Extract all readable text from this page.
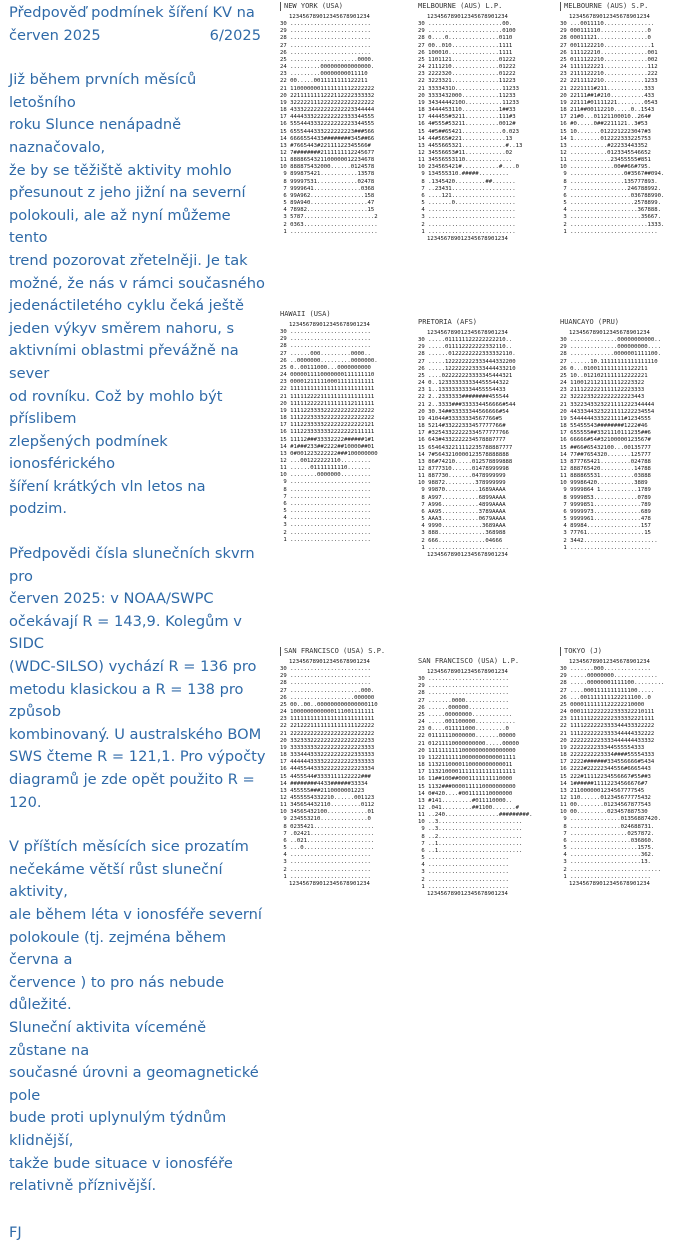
Předpověď podmínek šíření KV na

červen 2025	6/2025

Již během prvních měsíců letošního

roku Slunce nenápadně naznačovalo,

že by se těžiště aktivity mohlo

přesunout z jeho jižní na severní

polokouli, ale až nyní můžeme tento

trend pozorovat zřetelněji. Je tak

možné, že nás v rámci současného

jedenáctiletého cyklu čeká ještě

jeden výkyv směrem nahoru, s

aktivními oblastmi převážně na sever

od rovníku. Což by mohlo být příslibem

zlepšených podmínek ionosférického

šíření krátkých vln letos na podzim.

Předpovědi čísla slunečních skvrn pro

červen 2025: v NOAA/SWPC

očekávají R = 143,9. Kolegům v SIDC

(WDC-SILSO) vychází R = 136 pro

metodu klasickou a R = 138 pro způsob

kombinovaný. U australského BOM

SWS čteme R = 121,1. Pro výpočty

diagramů je zde opět použito R = 120.

V příštích měsících sice prozatím

nečekáme větší růst sluneční aktivity,

ale během léta v ionosféře severní

polokoule (tj. zejména během června a

července ) to pro nás nebude důležité.

Sluneční aktivita víceméně zůstane na

současné úrovni a geomagnetické pole

bude proti uplynulým týdnům klidnější,

takže bude situace v ionosféře

relativně příznivější.

FJ

NEW YORK (USA)
123456789012345678901234
30 ........................
29 ........................
28 ........................
27 ........................
26 ........................
25 ....................0000.
24 .........000000000000000.
23 .........00000000011110
22 00.....0011111111122211
21 1100000001111111112222222
20 2211111111222112222333332
19 3222221112222222222222222
18 4333222222222222223344444
17 4444333222222222333344555
16 5554443332222222223344555
15 6555444333222222223###566
14 6666554433########345##66
13 #7665443#22111122345566#
12 7########2111111112245677
11 8888654321100000012234678
10 888875432000......0124578
9 899875421...........13578
8 99997531............02478
7 9999641..............0368
6 99A962................158
5 89A940.................47
4 78982..................15
3 5787.....................2
2 0363......................
1 ..........................
MELBOURNE (AUS) L.P.
123456789012345678901234
30 ......................00.
29 ......................0100
28 0....0...............0110
27 00..010..............1111
26 100010...............1111
25 1101121..............01222
24 2111210..............01222
23 2222320..............01222
22 3223321..............11223
21 3333431O..............11233
20 3333432000...........11233
19 3434444210O...........11233
18 3444453110...........1##33
17 444455#3211..........111#3
16 4#555#53211..........0012#
15 4#5##65421............0.023
14 44#565#221.............13
13 4455665321.............#..13
12 34556653#11............02
11 34556553110..............
10 234565421#...........#....0
9 134555310.#####.........
8 .1345420.........##.......
7 ..23431...................
6 ....121...................
5 .......0..................
4 ..........................
3 ..........................
2 ..........................
1 ..........................
123456789012345678901234
MELBOURNE (AUS) S.P.
123456789012345678901234
30 ...0011110...............
29 000111110..............0
28 00011121...............0
27 0011122210..............1
26 111122210..............001
25 0111122210.............002
24 1111122221.............112
23 2111122210.............222
22 221111221O............1233
21 2221111#211...........333
20 22111##1#210..........433
19 22111#01111221........0543
18 211##00112210.....0..1543
17 21#0...01121100010..264#
16 #0.....0##2211121..3#53
15 10.......0122212223047#3
14 1........012222333225753
13 ...........#22233443352
12 ...........0123345546652
11 ............23455555#851
10 .............00##66#795.
9 ................0#3567##094.
8 ................135777893.
7 .................246788992.
6 ..................036788990.
5 ...................2578899.
4 ....................367888.
3 .....................35667.
2 .......................1333.
1 ..........................
HAWAII (USA)
123456789012345678901234
30 ........................
29 ........................
28 ........................
27 ......000.........0000..
26 ..0000000.........0000000.
25 0..00111000...0000000000
24 0000011110000000111111110
23 0000121111100011111111111
22 1111111111111111111111111
21 1111122221111111111111111
20 1111122222111111112111111
19 1111223333222222222222222
18 1112223333222222222222222
17 1112233333222222222222121
16 1112233333332222222111111
15 11112###33332222######1#1
14 #1###233##2222##10000##01
13 0#001223222222###100000000
12 ...001222222110.........
11 ......01111111110.......
10 ........0000000.........
9 ........................
8 ........................
7 ........................
6 ........................
5 ........................
4 ........................
3 ........................
2 ........................
1 ........................
PRETORIA (AFS)
123456789012345678901234
30 .....011111122222222210..
29 .....011112222222332110..
28 ......0122222222333332110.
27 .....122222222333444332200
26 .....122222223333444433210
25 ....022222223333345444321
24 0..123333333334455544322
23 1..13333333334455554433
22 2..2333333########455544
21 2..3333###333334456666#544
20 30.34##33333344566666#54
19 41044#33333334567766#5
18 5214#33222333457777766#
17 #32543322222334577777766
16 643#4332222234578887777
15 6546432211112235788887777
14 7#5643210000123578888888
13 86#74210.....012578899888
12 8777310......01478999998
11 887730.......0478999999
10 98872.........378999999
9 99870..........1689AAAA
8 A997...........6899AAAA
7 A996...........4899AAAA
6 AA95...........3789AAAA
5 AAA3...........0679AAAA
4 9990............3689AAA
3 888..............368988
2 666..............04666
1 ........................
123456789012345678901234
HUANCAYO (PRU)
123456789012345678901234
30 ..............00000000000..
29 ..............000000000....
28 .............0000001111100.
27 ......10.11111111111111110
26 0...0100111111111122211
25 10..0121021111112222221
24 1100121121111112223322
23 2111222221111122223333
22 3222233222222222223443
21 3322343323221111222344444
20 4433344323221111222234554
19 5444444333221111#1234555
18 55455543########1222#46
17 655555##3321110111235##6
16 66666#54#32100000123567#
15 ##66#65432100...00135777
14 77##7654320.......125777
13 877765421.........024788
12 888765420..........14788
11 888865531..........03888
10 99986420...........3889
9 9999864 1...........1789
8 9999853.............0789
7 9999851..............789
6 9999973..............689
5 9999961..............478
4 89984................157
3 77761.................15
2 3442......................
1 ........................
SAN FRANCISCO (USA) S.P.
123456789012345678901234
30 ........................
29 ........................
28 ........................
27 .....................000.
26 ...................000000
25 00..00..000000000000000110
24 1000000000000111001111111
23 1111111111111111111111111
22 2212221111111111111122222
21 2222222222222222222222222
20 3323332222222222222222233
19 3333333322222222222223333
18 3334443332222222222333333
17 4444443333222222222333333
16 4445544333222222222223334
15 4455544#3333111122222###
14 ########4433######33334
13 455555###2110000001223
12 4555554332210......001123
11 345654432110.........0112
10 34565432100............01
9 234553210..............0
8 0235421..................
7 .02421...................
6 ..021....................
5 ...0.....................
4 ........................
3 ........................
2 ........................
1 ........................
123456789012345678901234
SAN FRANCISCO (USA) L.P.
123456789012345678901234
30 ........................
29 ........................
28 ........................
27 .......0000.............
26 ......000000............
25 .....00000000............
24 .....001100000............
23 0....011111000.........0
22 01111110000000.......00000
21 01211110000000000.....00000
20 11111111110000000000000000
19 11221111110000000000001111
18 1132110000110000000000011
17 11321000011111111111111111
16 11##100##0001111111110000
15 1132###0000111110000000000
14 0#420....#001111110000000
13 #141.........#011110000..
12 .041.........##1100.......#
11 ..240................#########.
10 ..3.........................
9 ..3.........................
8 ..2.........................
7 ..1.........................
6 ..1.........................
5 ........................
4 ........................
3 ........................
2 ........................
1 ........................
123456789012345678901234
TOKYO (J)
123456789012345678901234
30 .......000..............
29 .....00000000.............
28 .....00000001111100.........
27 ....0001111111111100.....
26 ...001111111122211100..0
25 0000111111122222210000
24 0001112222222333322210111
23 1111112222222333332221111
22 1111222222333344433322222
21 1112222222333344444332222
20 2222222223333444444433332
19 2222222233344555554333
18 2222222223334####55554333
17 2222#######334556666#5434
16 2222#22222344556#6665443
15 222#11112234556667#55##3
14 1######11112234566676#7
13 2110000001234567777545
12 110......012345677775432
11 00........01234567877543
10 00.........023457887530
9 ...............01356887420.
8 ...............024688731.
7 .................0257872.
6 ..................036860.
5 ....................1575.
4 .....................362.
3 .....................13.
2 ...........................
1 ........................
123456789012345678901234
